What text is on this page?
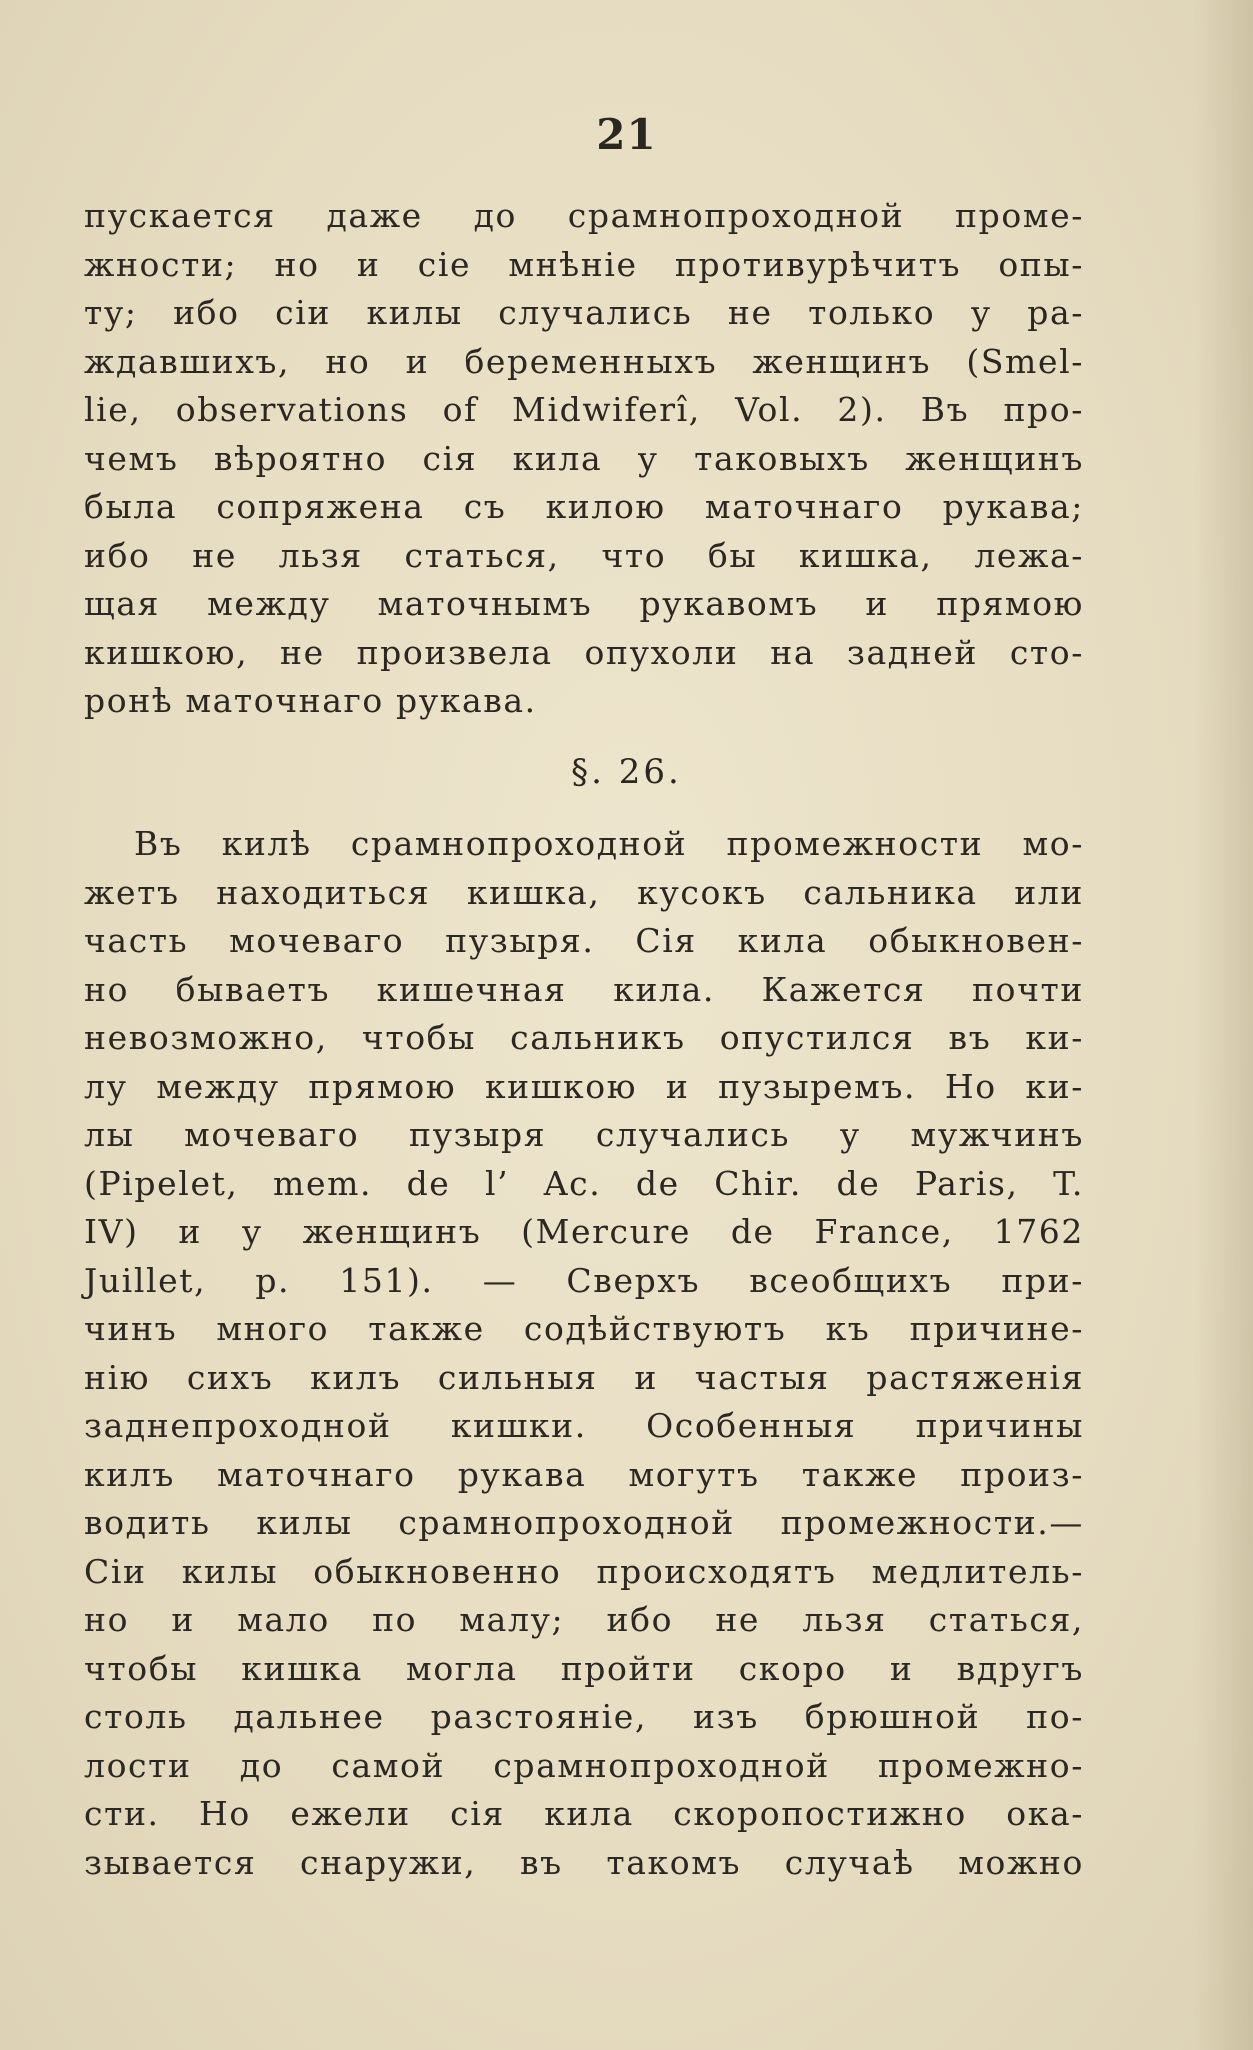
21
пускается даже до срамнопроходной проме-
жности; но и сіе мнѣніе противурѣчитъ опы-
ту; ибо сіи килы случались не только у ра-
ждавшихъ, но и беременныхъ женщинъ (Smel-
lie, observations of Midwiferî, Vol. 2). Въ про-
чемъ вѣроятно сія кила у таковыхъ женщинъ
была сопряжена съ килою маточнаго рукава;
ибо не льзя статься, что бы кишка, лежа-
щая между маточнымъ рукавомъ и прямою
кишкою, не произвела опухоли на задней сто-
ронѣ маточнаго рукава.
§. 26.
Въ килѣ срамнопроходной промежности мо-
жетъ находиться кишка, кусокъ сальника или
часть мочеваго пузыря. Сія кила обыкновен-
но бываетъ кишечная кила. Кажется почти
невозможно, чтобы сальникъ опустился въ ки-
лу между прямою кишкою и пузыремъ. Но ки-
лы мочеваго пузыря случались у мужчинъ
(Pipelet, mem. de l’ Ac. de Chir. de Paris, T.
IV) и у женщинъ (Mercure de France, 1762
Juillet, p. 151). — Сверхъ всеобщихъ при-
чинъ много также содѣйствуютъ къ причине-
нію сихъ килъ сильныя и частыя растяженія
заднепроходной кишки. Особенныя причины
килъ маточнаго рукава могутъ также произ-
водить килы срамнопроходной промежности.—
Сіи килы обыкновенно происходятъ медлитель-
но и мало по малу; ибо не льзя статься,
чтобы кишка могла пройти скоро и вдругъ
столь дальнее разстояніе, изъ брюшной по-
лости до самой срамнопроходной промежно-
сти. Но ежели сія кила скоропостижно ока-
зывается снаружи, въ такомъ случаѣ можно
